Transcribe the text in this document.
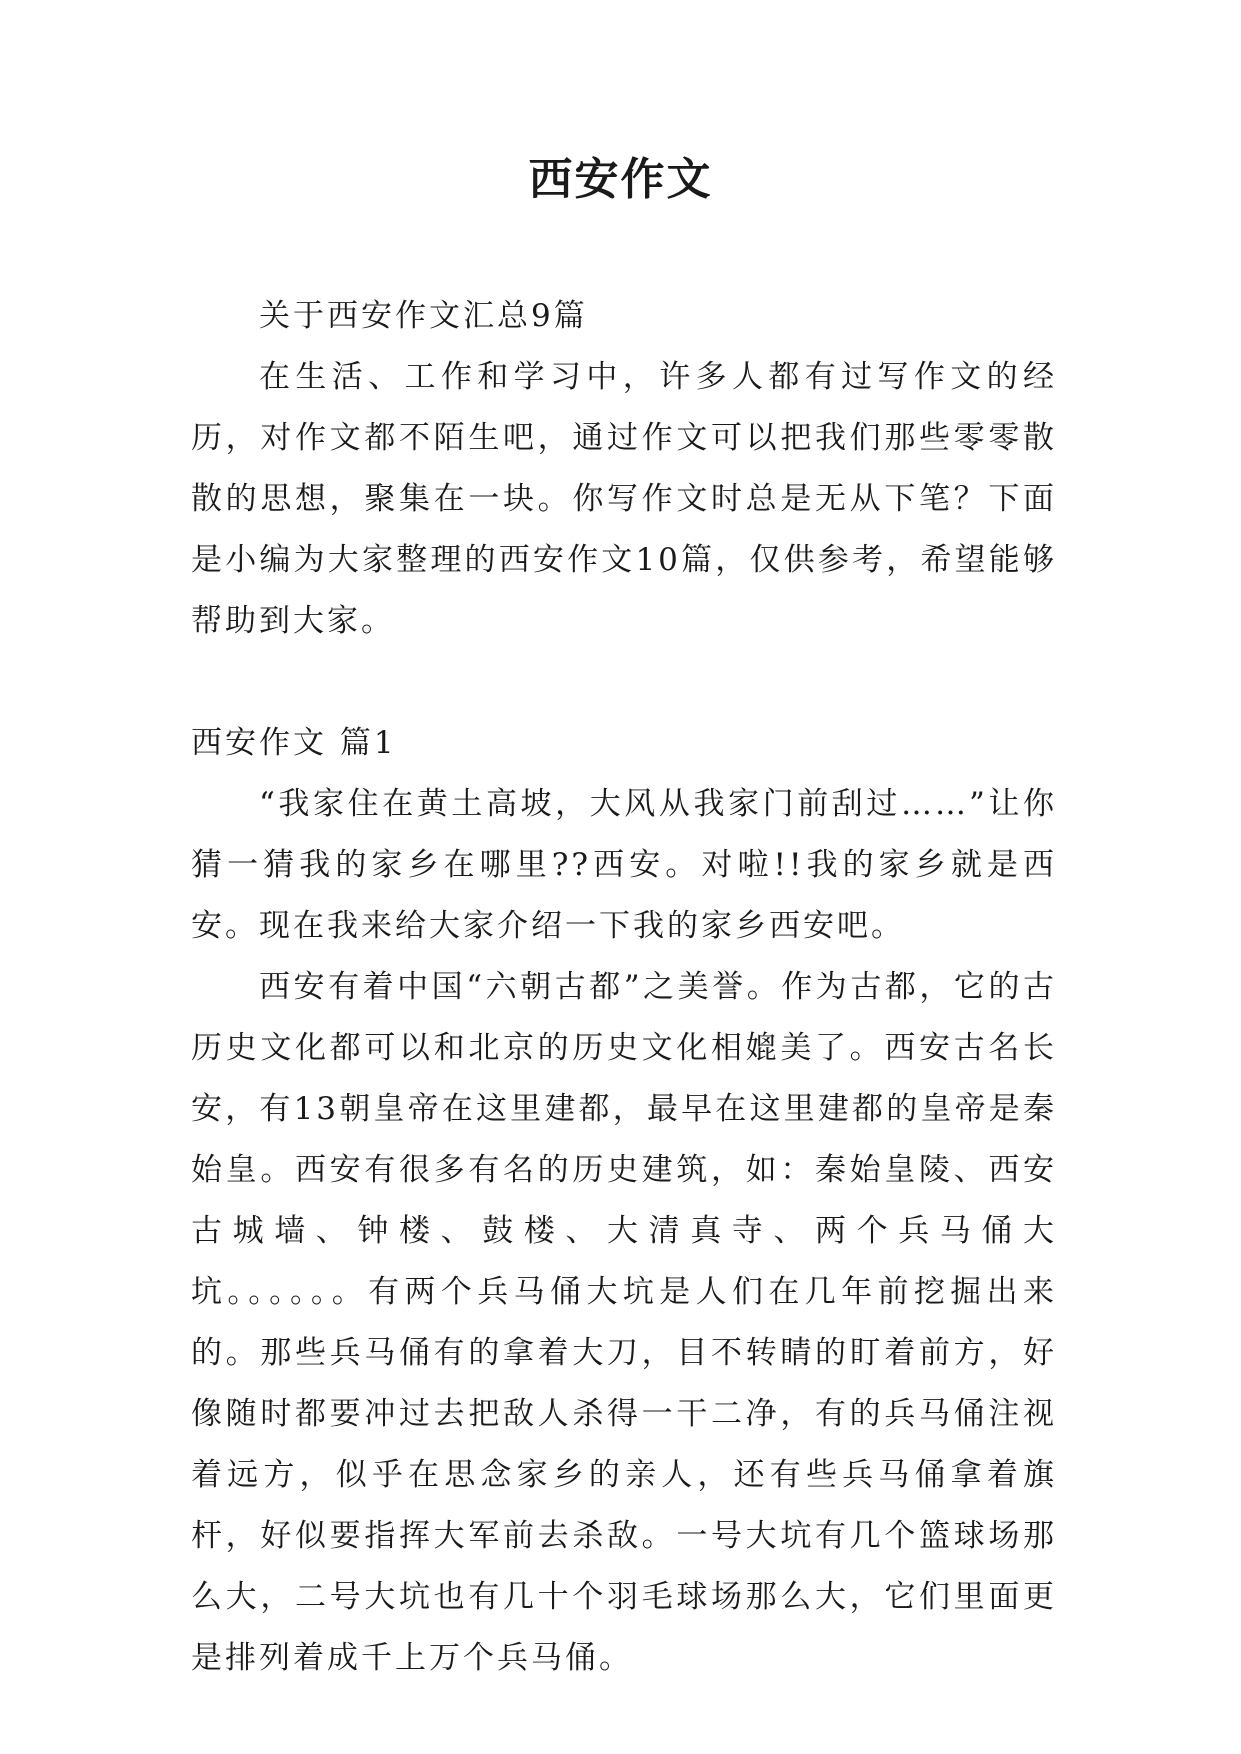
西安作文

关于西安作文汇总9篇

在生活、工作和学习中，许多人都有过写作文的经历，对作文都不陌生吧，通过作文可以把我们那些零零散散的思想，聚集在一块。你写作文时总是无从下笔？下面是小编为大家整理的西安作文10篇，仅供参考，希望能够帮助到大家。

西安作文 篇1

“我家住在黄土高坡，大风从我家门前刮过……”让你猜一猜我的家乡在哪里??西安。对啦!!我的家乡就是西安。现在我来给大家介绍一下我的家乡西安吧。

西安有着中国“六朝古都”之美誉。作为古都，它的古历史文化都可以和北京的历史文化相媲美了。西安古名长安，有13朝皇帝在这里建都，最早在这里建都的皇帝是秦始皇。西安有很多有名的历史建筑，如：秦始皇陵、西安古城墙、钟楼、鼓楼、大清真寺、两个兵马俑大坑。。。。。。有两个兵马俑大坑是人们在几年前挖掘出来的。那些兵马俑有的拿着大刀，目不转睛的盯着前方，好像随时都要冲过去把敌人杀得一干二净，有的兵马俑注视着远方，似乎在思念家乡的亲人，还有些兵马俑拿着旗杆，好似要指挥大军前去杀敌。一号大坑有几个篮球场那么大，二号大坑也有几十个羽毛球场那么大，它们里面更是排列着成千上万个兵马俑。
